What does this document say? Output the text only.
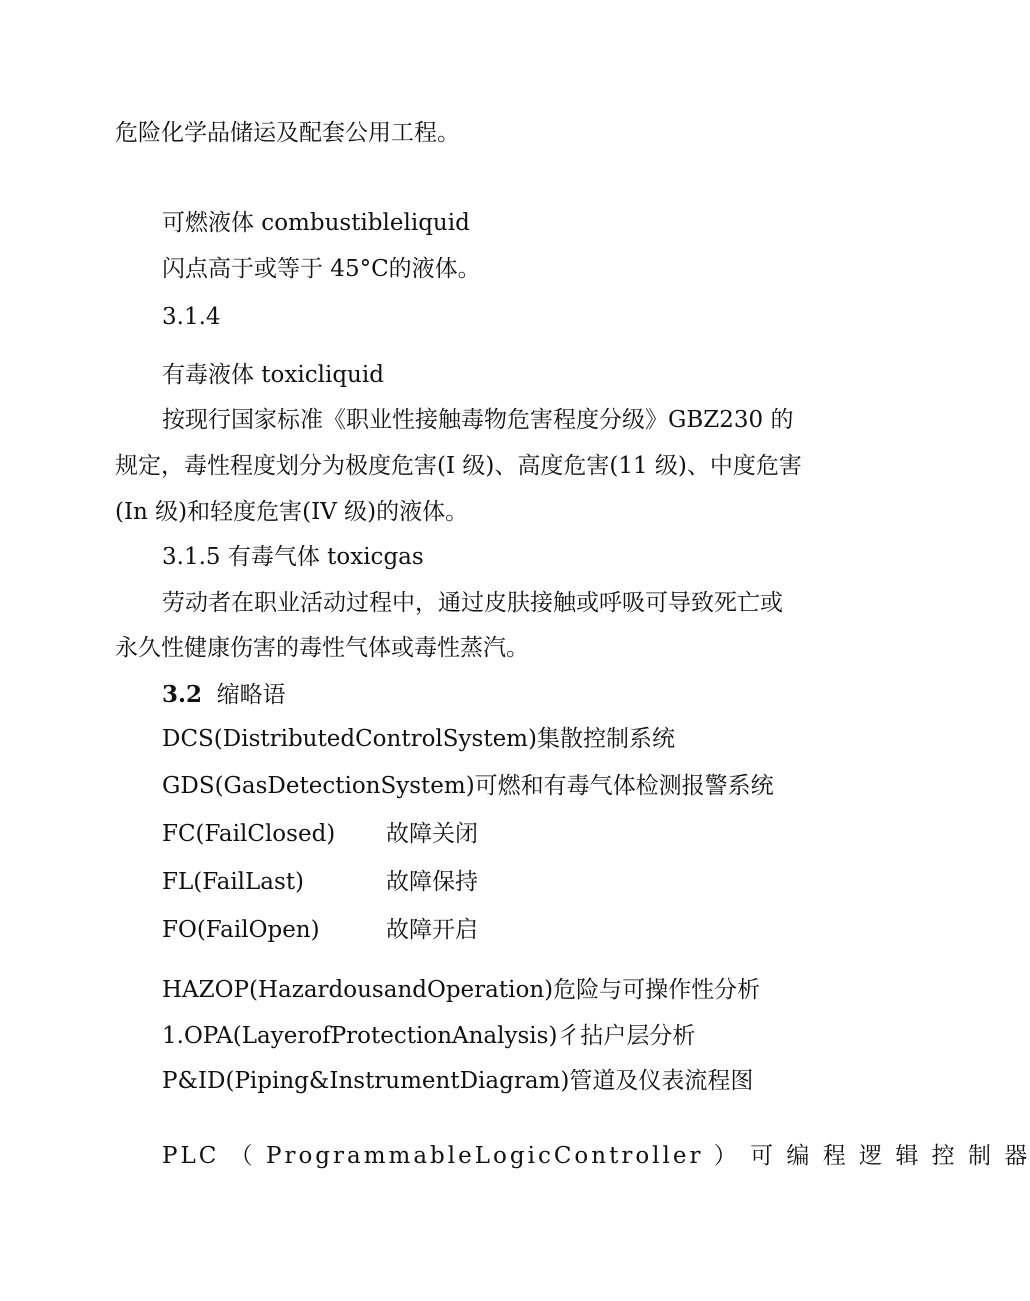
危险化学品储运及配套公用工程。
可燃液体 combustibleliquid
闪点高于或等于 45°C的液体。
3.1.4
有毒液体 toxicliquid
按现行国家标准《职业性接触毒物危害程度分级》GBZ230 的
规定，毒性程度划分为极度危害(I 级)、高度危害(11 级)、中度危害
(In 级)和轻度危害(IV 级)的液体。
3.1.5 有毒气体 toxicgas
劳动者在职业活动过程中，通过皮肤接触或呼吸可导致死亡或
永久性健康伤害的毒性气体或毒性蒸汽。
3.2 缩略语
DCS(DistributedControlSystem)集散控制系统
GDS(GasDetectionSystem)可燃和有毒气体检测报警系统
FC(FailClosed) 故障关闭
FL(FailLast)	故障保持
FO(FailOpen)	故障开启
HAZOP(HazardousandOperation)危险与可操作性分析
1.OPA(LayerofProtectionAnalysis)彳拈户层分析
P&ID(Piping&InstrumentDiagram)管道及仪表流程图
PLC （ ProgrammableLogicController ） 可 编 程 逻 辑 控 制 器
